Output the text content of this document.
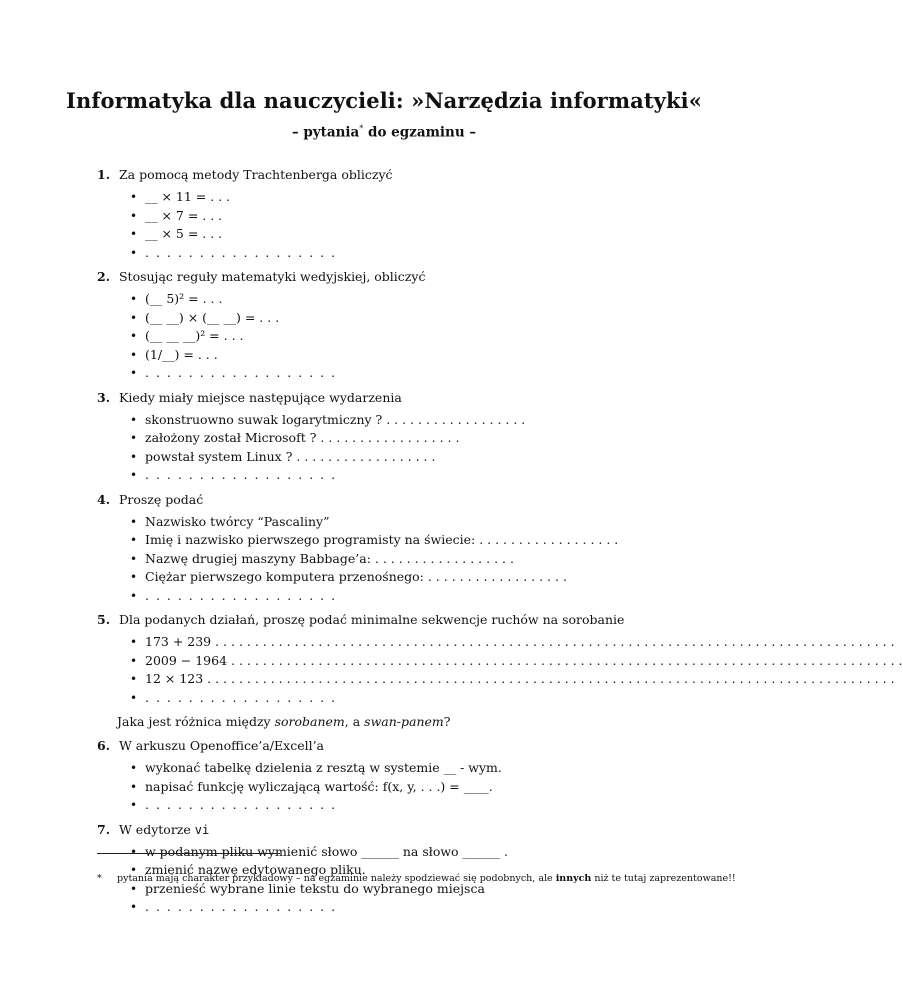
Informatyka dla nauczycieli: »Narzędzia informatyki«
– pytania* do egzaminu –
1. Za pomocą metody Trachtenberga obliczyć
• __ × 11 = . . .
• __ × 7 = . . .
• __ × 5 = . . .
• . . . . . . . . . . . . . . . . . .
2. Stosując reguły matematyki wedyjskiej, obliczyć
• (__ 5)² = . . .
• (__ __) × (__ __) = . . .
• (__ __ __)² = . . .
• (1/__) = . . .
• . . . . . . . . . . . . . . . . . .
3. Kiedy miały miejsce następujące wydarzenia
• skonstruowno suwak logarytmiczny ? . . . . . . . . . . . . . . . . . .
• założony został Microsoft ? . . . . . . . . . . . . . . . . . .
• powstał system Linux ? . . . . . . . . . . . . . . . . . .
• . . . . . . . . . . . . . . . . . .
4. Proszę podać
• Nazwisko twórcy “Pascaliny”
• Imię i nazwisko pierwszego programisty na świecie: . . . . . . . . . . . . . . . . . .
• Nazwę drugiej maszyny Babbage’a: . . . . . . . . . . . . . . . . . .
• Ciężar pierwszego komputera przenośnego: . . . . . . . . . . . . . . . . . .
• . . . . . . . . . . . . . . . . . .
5. Dla podanych działań, proszę podać minimalne sekwencje ruchów na sorobanie
• 173 + 239 . . . . . . . . . . . . . . . . . . . . . . . . . . . . . . . . . . . . . . . . . . . . . . . . . . . . . . . . . . . . . . . . . . . . . . . . . . . . . . . . . . . . . .
• 2009 − 1964 . . . . . . . . . . . . . . . . . . . . . . . . . . . . . . . . . . . . . . . . . . . . . . . . . . . . . . . . . . . . . . . . . . . . . . . . . . . . . . . . . . . . .
• 12 × 123 . . . . . . . . . . . . . . . . . . . . . . . . . . . . . . . . . . . . . . . . . . . . . . . . . . . . . . . . . . . . . . . . . . . . . . . . . . . . . . . . . . . . . . .
• . . . . . . . . . . . . . . . . . .
Jaka jest różnica między sorobanem, a swan-panem?
6. W arkuszu Openoffice’a/Excell’a
• wykonać tabelkę dzielenia z resztą w systemie __ - wym.
• napisać funkcję wyliczającą wartość: f(x, y, . . .) = ____.
• . . . . . . . . . . . . . . . . . .
7. W edytorze vi
• w podanym pliku wymienić słowo ______ na słowo ______ .
• zmienić nazwę edytowanego pliku.
• przenieść wybrane linie tekstu do wybranego miejsca
• . . . . . . . . . . . . . . . . . .
* pytania mają charakter przykładowy – na egzaminie należy spodziewać się podobnych, ale innych niż te tutaj zaprezentowane!!
